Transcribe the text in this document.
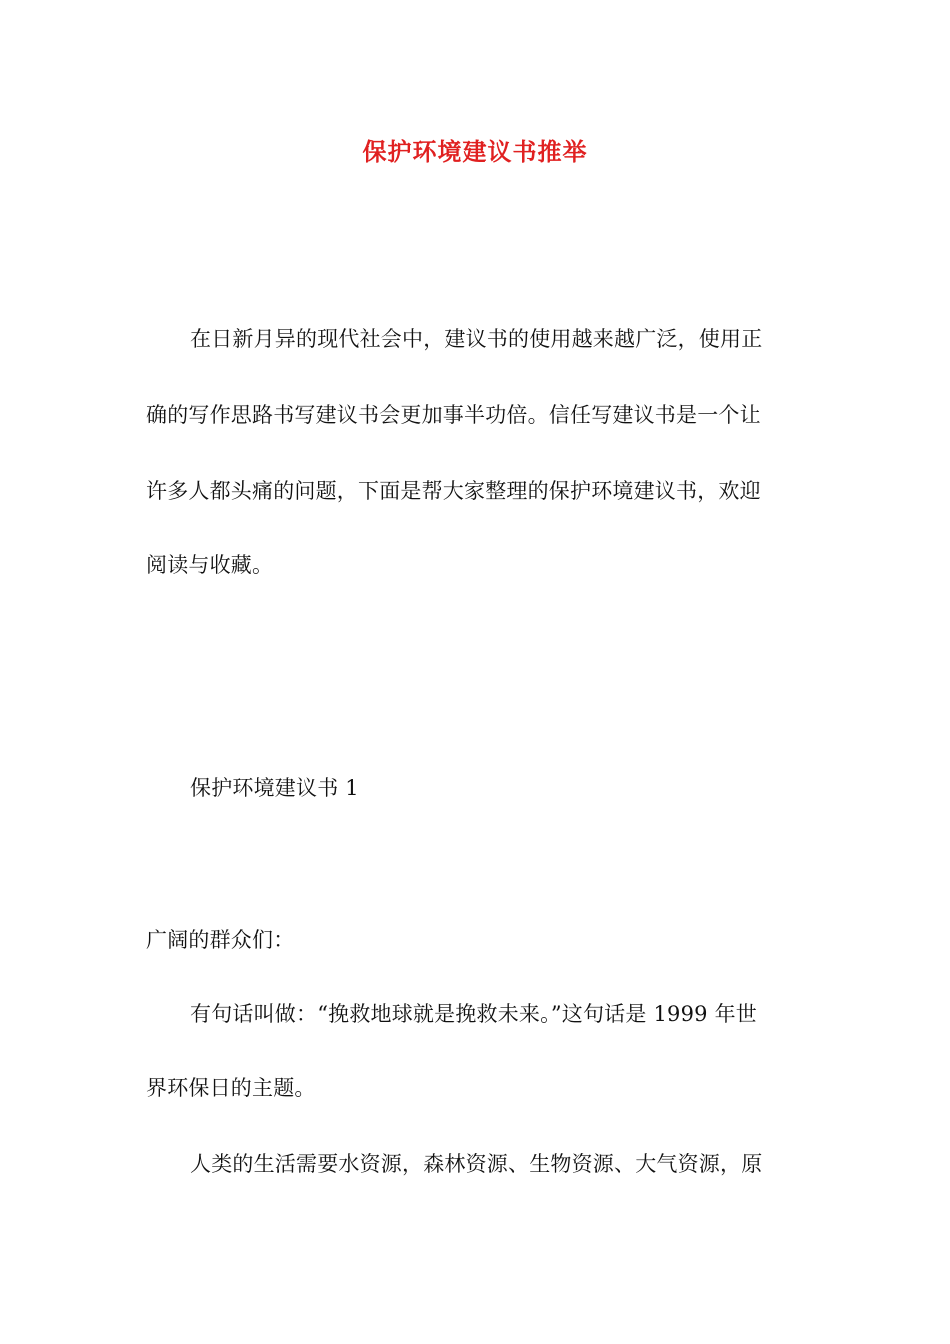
保护环境建议书推举
在日新月异的现代社会中，建议书的使用越来越广泛，使用正
确的写作思路书写建议书会更加事半功倍。信任写建议书是一个让
许多人都头痛的问题，下面是帮大家整理的保护环境建议书，欢迎
阅读与收藏。
保护环境建议书 1
广阔的群众们：
有句话叫做：“挽救地球就是挽救未来。”这句话是 1999 年世
界环保日的主题。
人类的生活需要水资源，森林资源、生物资源、大气资源，原
